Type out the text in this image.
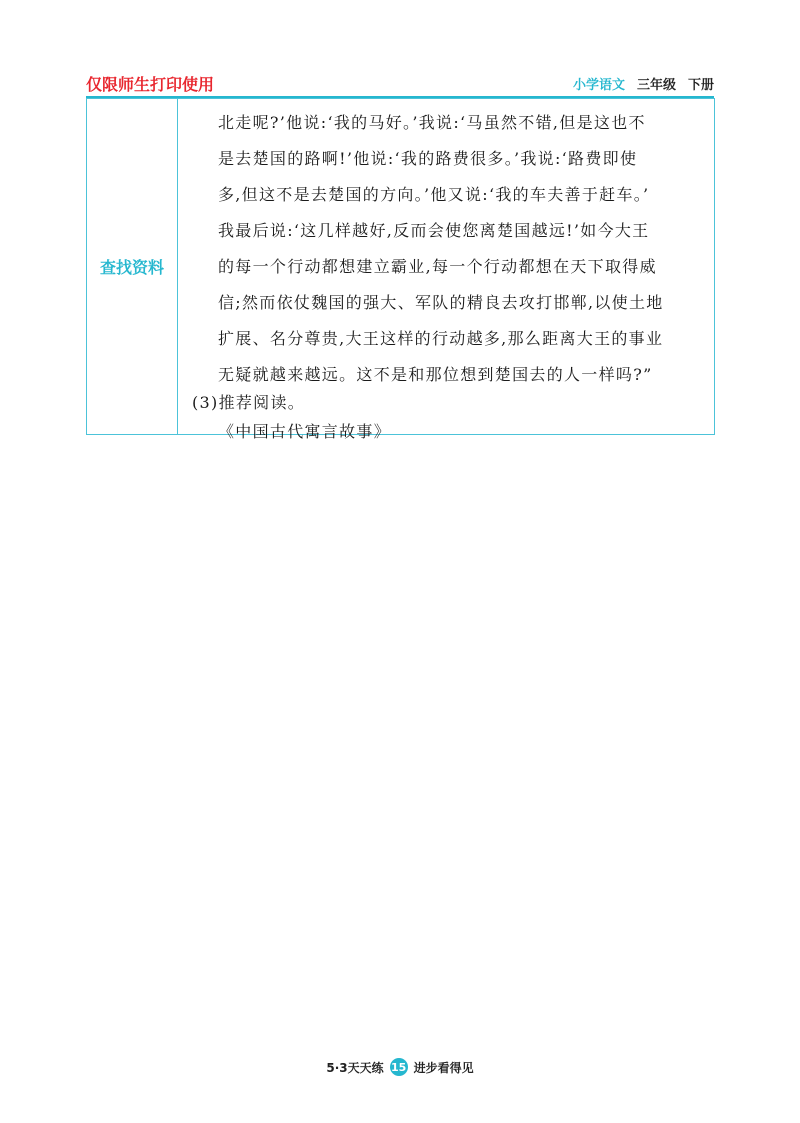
仅限师生打印使用	小学语文 三年级 下册
查找资料
北走呢?’他说:‘我的马好。’我说:‘马虽然不错,但是这也不
是去楚国的路啊!’他说:‘我的路费很多。’我说:‘路费即使
多,但这不是去楚国的方向。’他又说:‘我的车夫善于赶车。’
我最后说:‘这几样越好,反而会使您离楚国越远!’如今大王
的每一个行动都想建立霸业,每一个行动都想在天下取得威
信;然而依仗魏国的强大、军队的精良去攻打邯郸,以使土地
扩展、名分尊贵,大王这样的行动越多,那么距离大王的事业
无疑就越来越远。这不是和那位想到楚国去的人一样吗?”
(3)推荐阅读。
《中国古代寓言故事》
5·3天天练 15 进步看得见
